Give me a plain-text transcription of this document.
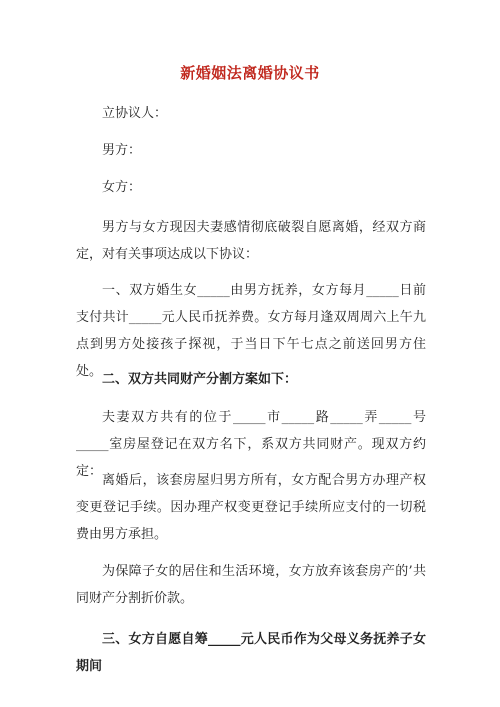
新婚姻法离婚协议书

立协议人：

男方：

女方：

男方与女方现因夫妻感情彻底破裂自愿离婚，经双方商定，对有关事项达成以下协议：

一、双方婚生女_____由男方抚养，女方每月_____日前支付共计_____元人民币抚养费。女方每月逢双周周六上午九点到男方处接孩子探视，于当日下午七点之前送回男方住处。

二、双方共同财产分割方案如下：

夫妻双方共有的位于_____市_____路_____弄_____号_____室房屋登记在双方名下，系双方共同财产。现双方约定：

离婚后，该套房屋归男方所有，女方配合男方办理产权变更登记手续。因办理产权变更登记手续所应支付的一切税费由男方承担。

为保障子女的居住和生活环境，女方放弃该套房产的’共同财产分割折价款。

三、女方自愿自筹_____元人民币作为父母义务抚养子女期间
